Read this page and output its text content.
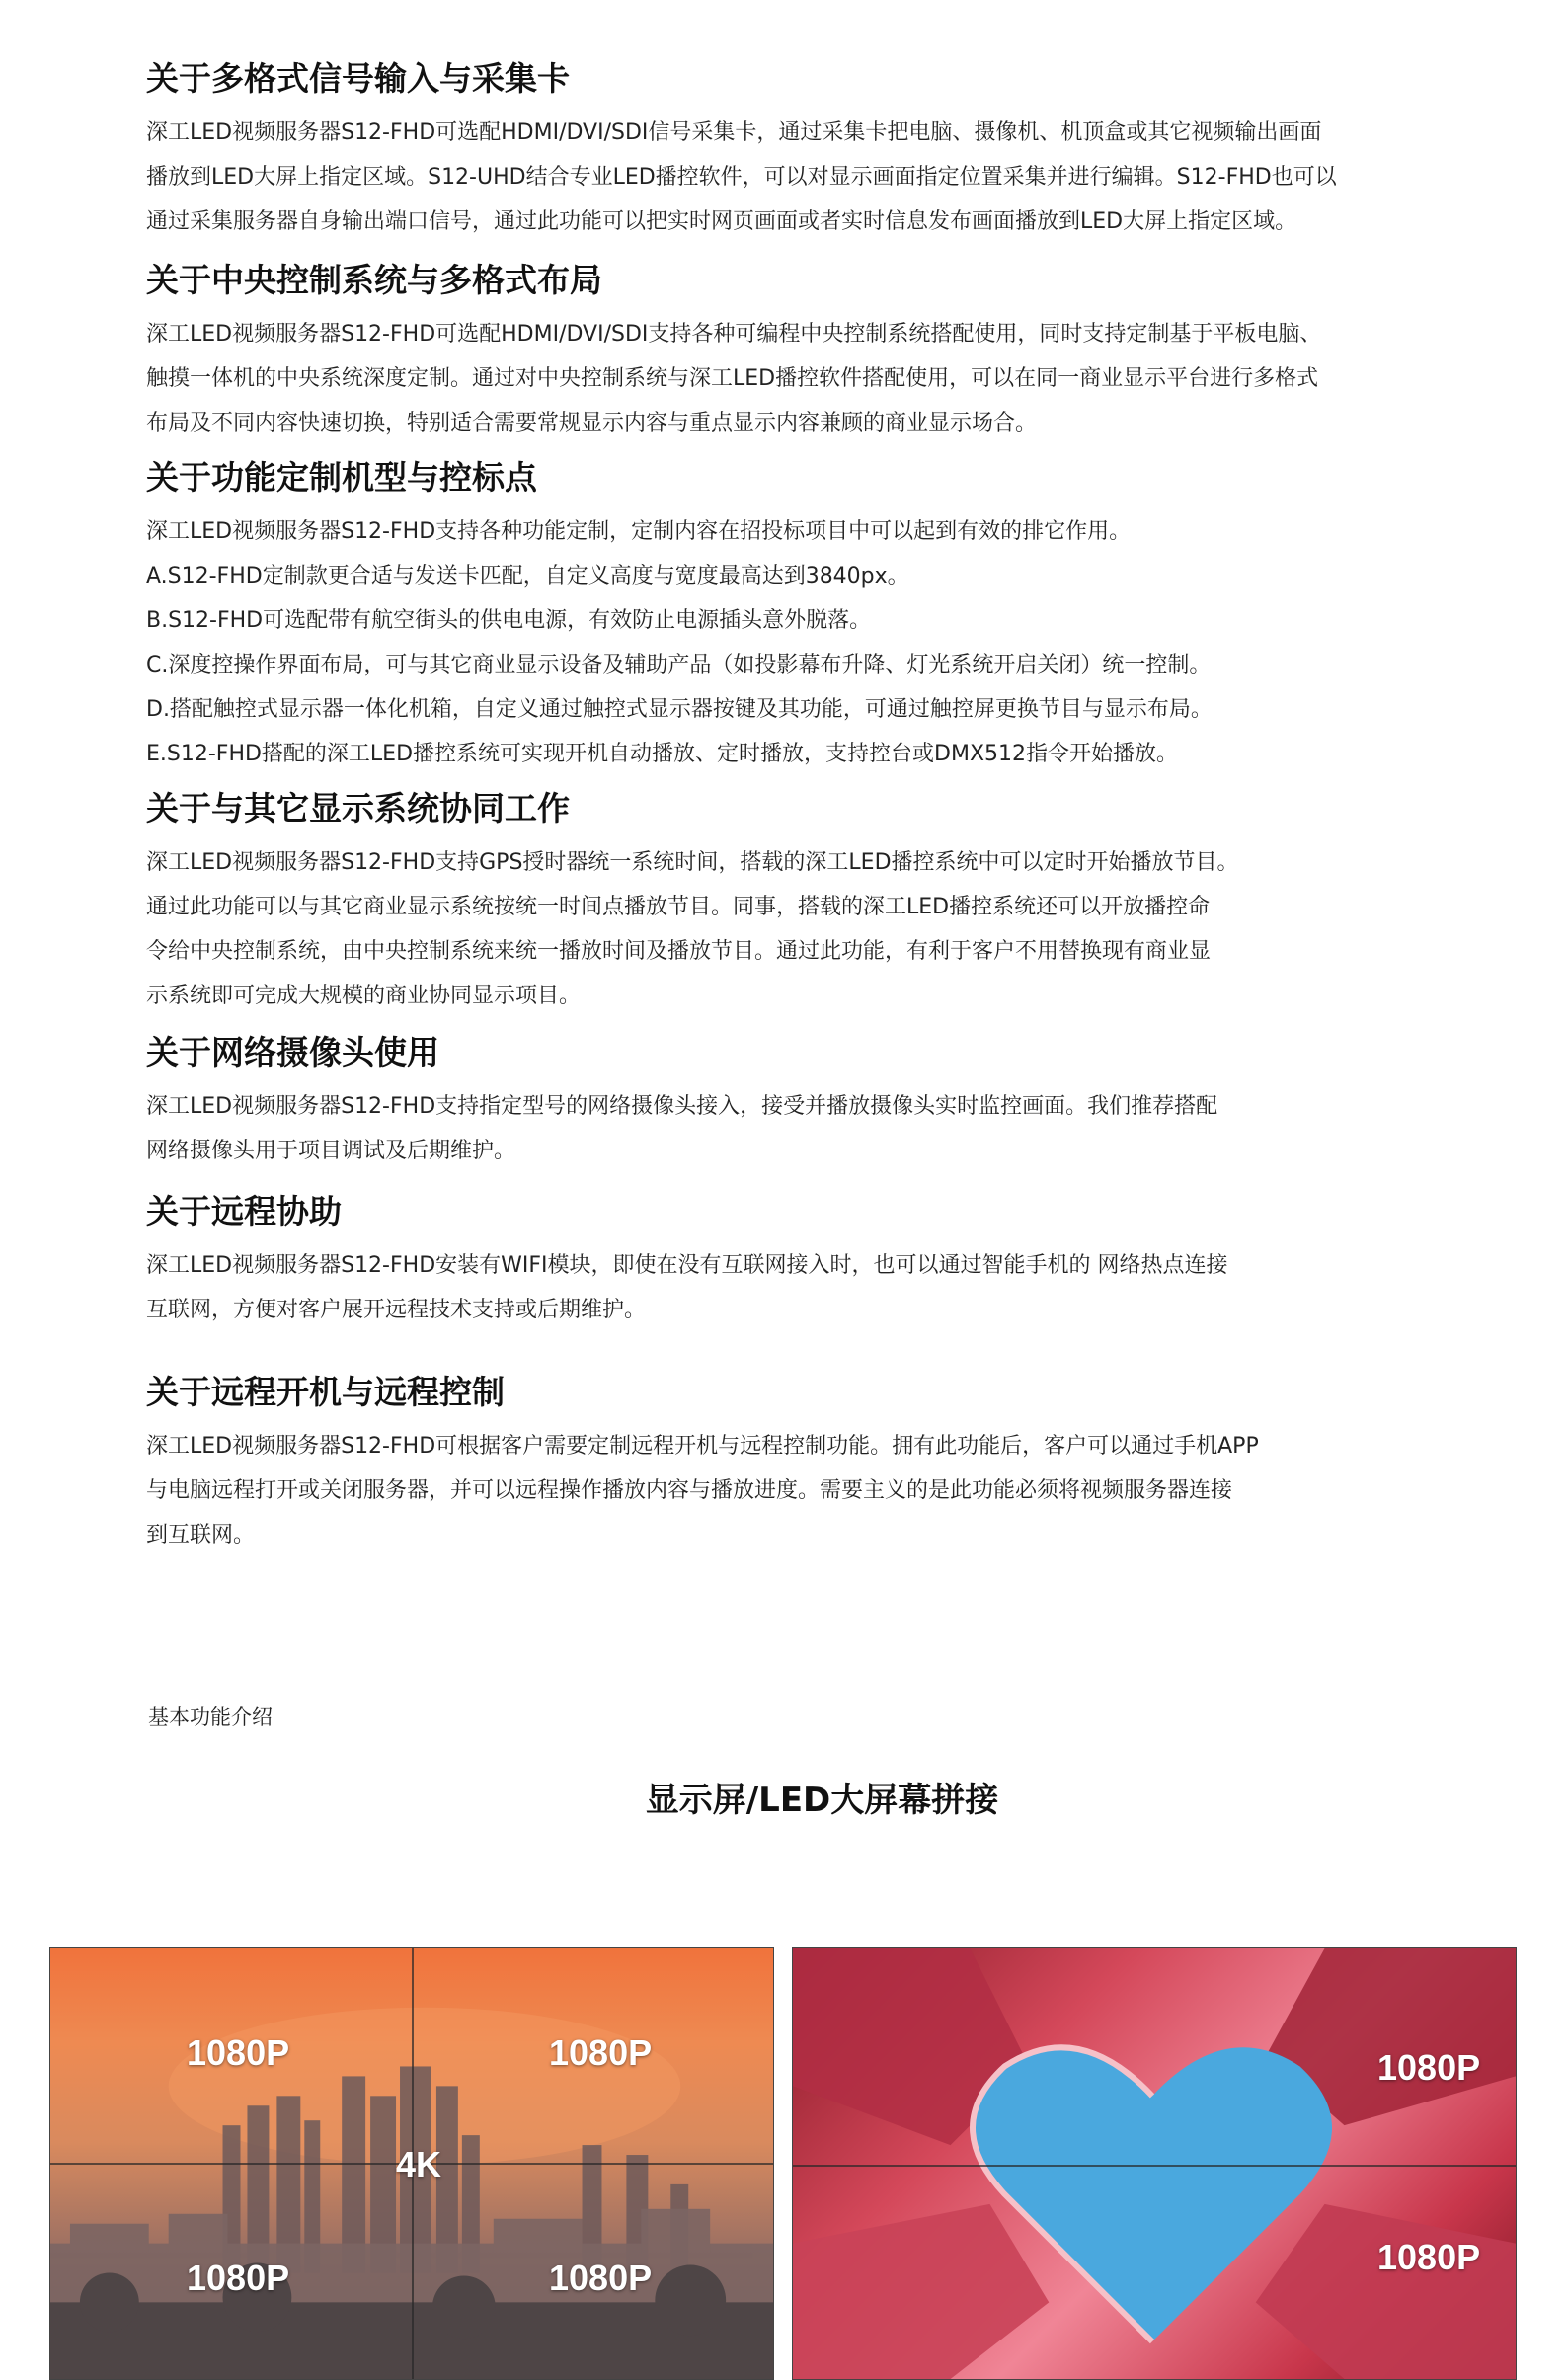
关于多格式信号输入与采集卡

深工LED视频服务器S12-FHD可选配HDMI/DVI/SDI信号采集卡，通过采集卡把电脑、摄像机、机顶盒或其它视频输出画面

播放到LED大屏上指定区域。S12-UHD结合专业LED播控软件，可以对显示画面指定位置采集并进行编辑。S12-FHD也可以

通过采集服务器自身输出端口信号，通过此功能可以把实时网页画面或者实时信息发布画面播放到LED大屏上指定区域。

关于中央控制系统与多格式布局

深工LED视频服务器S12-FHD可选配HDMI/DVI/SDI支持各种可编程中央控制系统搭配使用，同时支持定制基于平板电脑、

触摸一体机的中央系统深度定制。通过对中央控制系统与深工LED播控软件搭配使用，可以在同一商业显示平台进行多格式

布局及不同内容快速切换，特别适合需要常规显示内容与重点显示内容兼顾的商业显示场合。

关于功能定制机型与控标点

深工LED视频服务器S12-FHD支持各种功能定制，定制内容在招投标项目中可以起到有效的排它作用。

A.S12-FHD定制款更合适与发送卡匹配，自定义高度与宽度最高达到3840px。

B.S12-FHD可选配带有航空街头的供电电源，有效防止电源插头意外脱落。

C.深度控操作界面布局，可与其它商业显示设备及辅助产品（如投影幕布升降、灯光系统开启关闭）统一控制。

D.搭配触控式显示器一体化机箱，自定义通过触控式显示器按键及其功能，可通过触控屏更换节目与显示布局。

E.S12-FHD搭配的深工LED播控系统可实现开机自动播放、定时播放，支持控台或DMX512指令开始播放。

关于与其它显示系统协同工作

深工LED视频服务器S12-FHD支持GPS授时器统一系统时间，搭载的深工LED播控系统中可以定时开始播放节目。

通过此功能可以与其它商业显示系统按统一时间点播放节目。同事，搭载的深工LED播控系统还可以开放播控命

令给中央控制系统，由中央控制系统来统一播放时间及播放节目。通过此功能，有利于客户不用替换现有商业显

示系统即可完成大规模的商业协同显示项目。

关于网络摄像头使用

深工LED视频服务器S12-FHD支持指定型号的网络摄像头接入，接受并播放摄像头实时监控画面。我们推荐搭配

网络摄像头用于项目调试及后期维护。

关于远程协助

深工LED视频服务器S12-FHD安装有WIFI模块，即使在没有互联网接入时，也可以通过智能手机的 网络热点连接

互联网，方便对客户展开远程技术支持或后期维护。

关于远程开机与远程控制

深工LED视频服务器S12-FHD可根据客户需要定制远程开机与远程控制功能。拥有此功能后，客户可以通过手机APP

与电脑远程打开或关闭服务器，并可以远程操作播放内容与播放进度。需要主义的是此功能必须将视频服务器连接

到互联网。

基本功能介绍
显示屏/LED大屏幕拼接
1080P	1080P
4K
1080P	1080P
1080P
1080P
